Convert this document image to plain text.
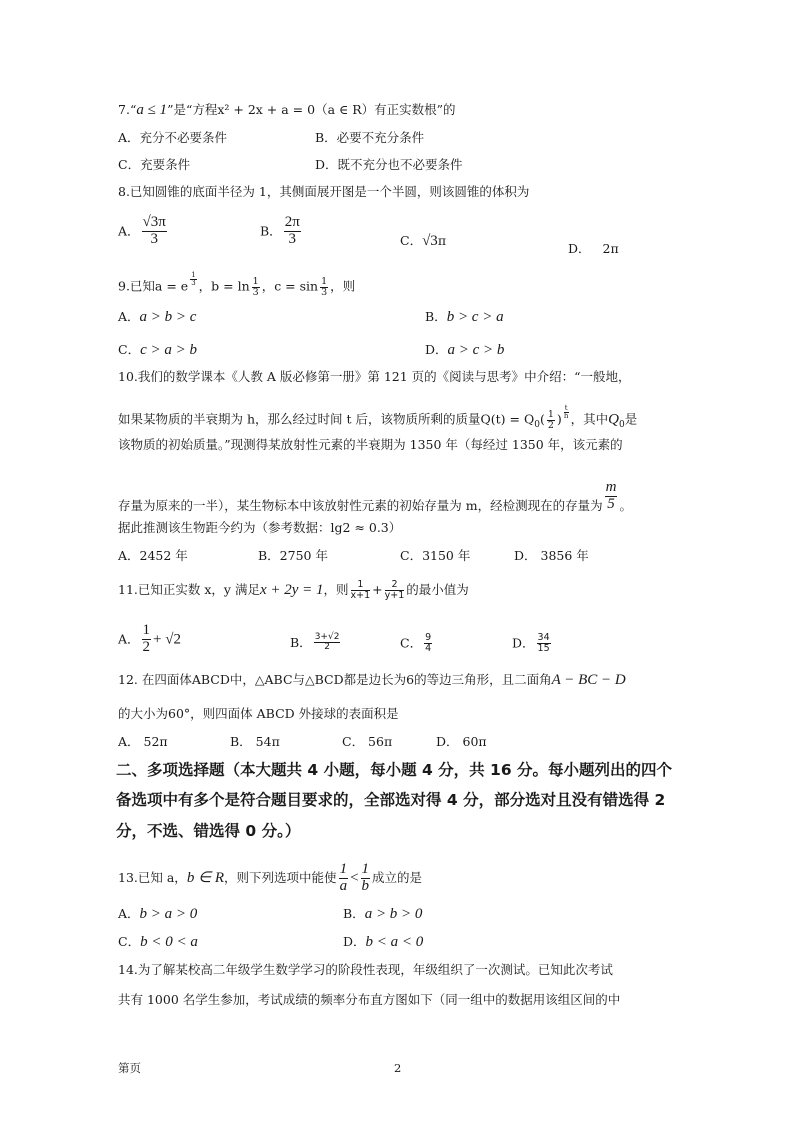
7.“a ≤ 1”是“方程x² + 2x + a = 0（a ∈ R）有正实数根”的
A．充分不必要条件	B．必要不充分条件
C．充要条件	D．既不充分也不必要条件
8.已知圆锥的底面半径为 1，其侧面展开图是一个半圆，则该圆锥的体积为
A． $\frac{√3\pi}{3}$	B． $\frac{2\pi}{3}$	C．√3π
D． 2π
9.已知a = e $\frac{1}{3}$ ，$b = \ln \frac{1}{3}$ ，$c = \sin \frac{1}{3}$ ，则
A．a > b > c	B．b > c > a
C．c > a > b	D．a > c > b
10.我们的数学课本《人教 A 版必修第一册》第 121 页的《阅读与思考》中介绍：“一般地，
如果某物质的半衰期为 h，那么经过时间 t 后，该物质所剩的质量$Q(t) = Q_0( \frac{1}{2}$ ) $\frac{t}{h}$ ，其中$Q_0$是
该物质的初始质量。”现测得某放射性元素的半衰期为 1350 年（每经过 1350 年，该元素的
存量为原来的一半），某生物标本中该放射性元素的初始存量为 m，经检测现在的存量为 $\frac{m}{5}$ 。
据此推测该生物距今约为（参考数据：lg2 ≈ 0.3）
A．2452 年	B．2750 年	C．3150 年	D． 3856 年
11.已知正实数 x，y 满足x + 2y = 1，则 $\frac{1}{x+1} + \frac{2}{y+1}$ 的最小值为
A． $\frac{1}{2} + √2$	B． $\frac{3+√2}{2}$	C． $\frac{9}{4}$	D． $\frac{34}{15}$
12. 在四面体ABCD中，△ABC与△BCD都是边长为6的等边三角形，且二面角A − BC − D
的大小为60°，则四面体 ABCD 外接球的表面积是
A． 52π	B． 54π	C． 56π	D． 60π
二、多项选择题（本大题共 4 小题，每小题 4 分，共 16 分。每小题列出的四个
备选项中有多个是符合题目要求的，全部选对得 4 分，部分选对且没有错选得 2
分，不选、错选得 0 分。）
13.已知 a，b ∈ R，则下列选项中能使 $\frac{1}{a} < \frac{1}{b}$ 成立的是
A．b > a > 0	B．a > b > 0
C．b < 0 < a	D．b < a < 0
14.为了解某校高二年级学生数学学习的阶段性表现，年级组织了一次测试。已知此次考试
共有 1000 名学生参加，考试成绩的频率分布直方图如下（同一组中的数据用该组区间的中
第页	2
